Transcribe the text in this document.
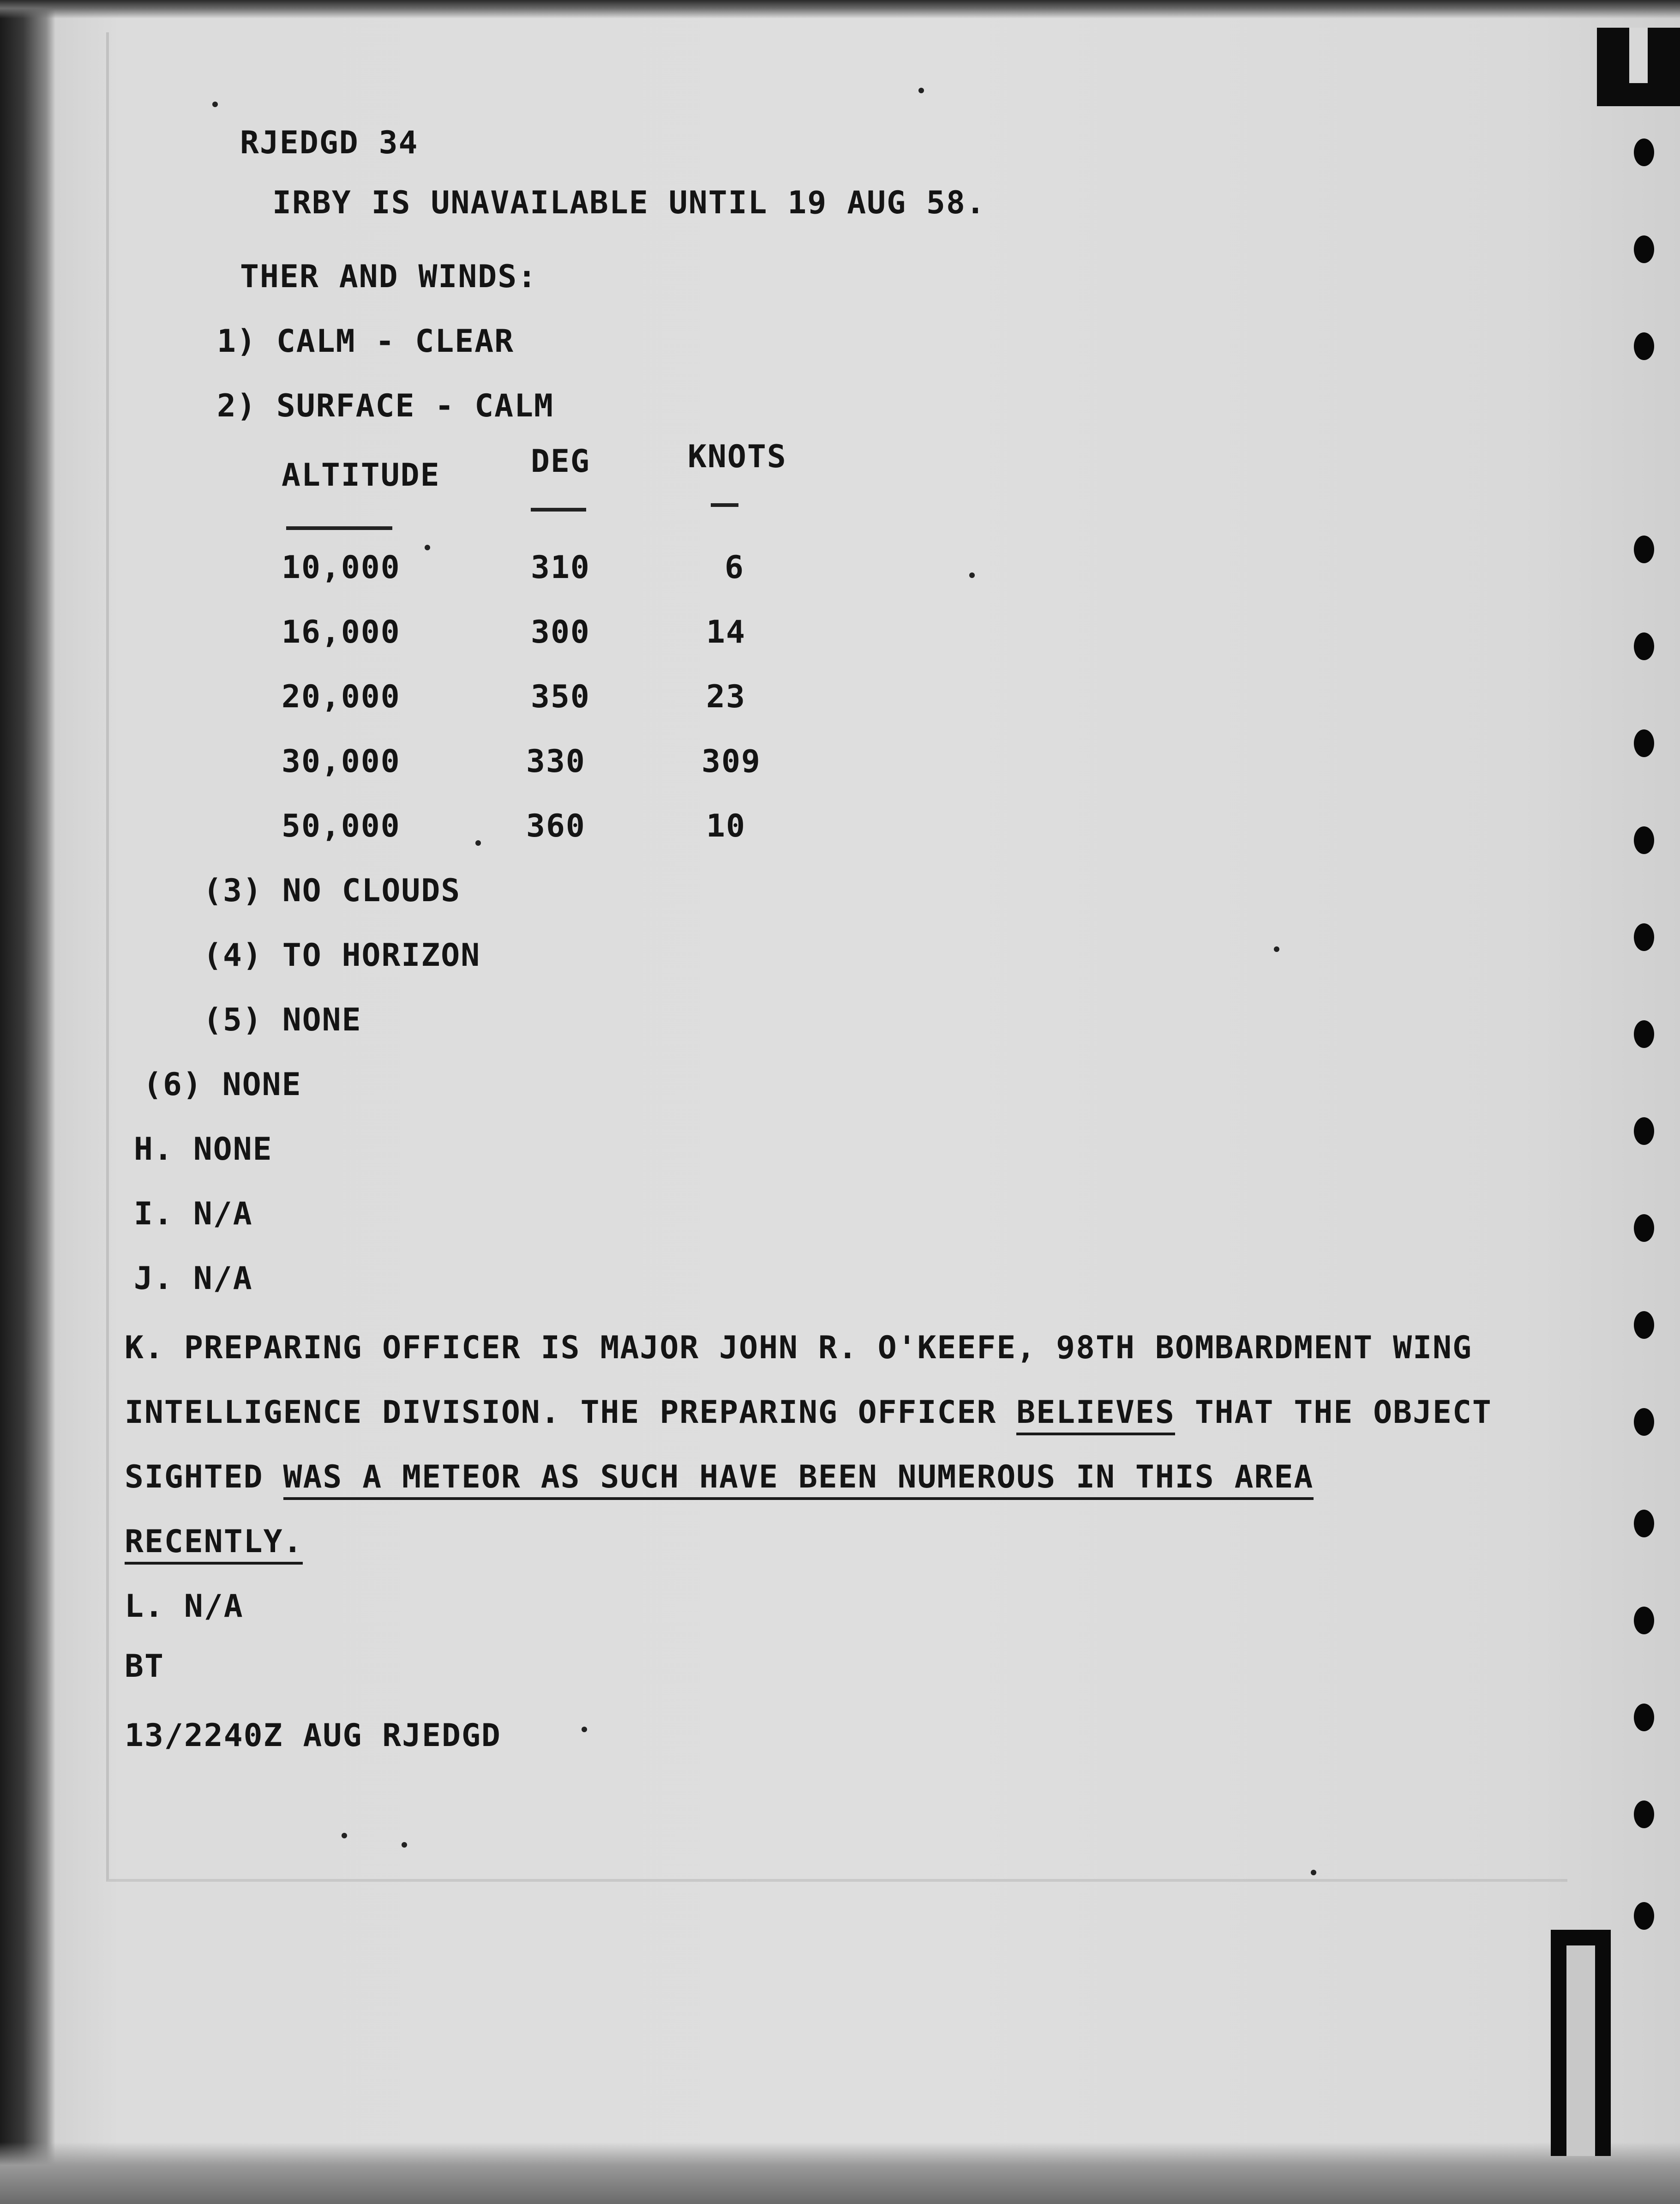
RJEDGD 34
IRBY IS UNAVAILABLE UNTIL 19 AUG 58.
THER AND WINDS:
1) CALM - CLEAR
2) SURFACE - CALM
ALTITUDE	DEG	KNOTS
10,000	310	6
16,000	300	14
20,000	350	23
30,000	330	309
50,000	360	10
(3) NO CLOUDS
(4) TO HORIZON
(5) NONE
(6) NONE
H. NONE
I. N/A
J. N/A
K. PREPARING OFFICER IS MAJOR JOHN R. O'KEEFE, 98TH BOMBARDMENT WING
INTELLIGENCE DIVISION. THE PREPARING OFFICER BELIEVES THAT THE OBJECT
SIGHTED WAS A METEOR AS SUCH HAVE BEEN NUMEROUS IN THIS AREA
RECENTLY.
L. N/A
BT
13/2240Z AUG RJEDGD
